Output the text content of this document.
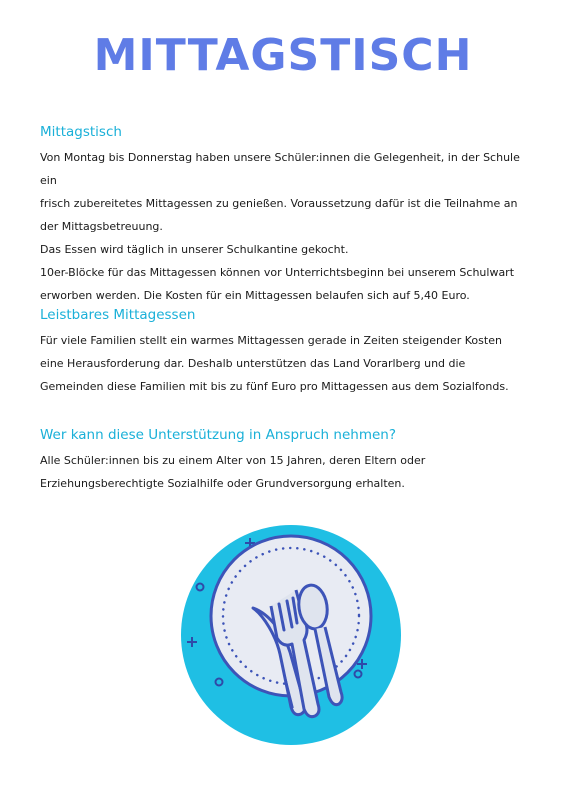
MITTAGSTISCH
Mittagstisch

Von Montag bis Donnerstag haben unsere Schüler:innen die Gelegenheit, in der Schule ein
frisch zubereitetes Mittagessen zu genießen. Voraussetzung dafür ist die Teilnahme an
der Mittagsbetreuung.
Das Essen wird täglich in unserer Schulkantine gekocht.
10er-Blöcke für das Mittagessen können vor Unterrichtsbeginn bei unserem Schulwart
erworben werden. Die Kosten für ein Mittagessen belaufen sich auf 5,40 Euro.

Leistbares Mittagessen

Für viele Familien stellt ein warmes Mittagessen gerade in Zeiten steigender Kosten
eine Herausforderung dar. Deshalb unterstützen das Land Vorarlberg und die
Gemeinden diese Familien mit bis zu fünf Euro pro Mittagessen aus dem Sozialfonds.

Wer kann diese Unterstützung in Anspruch nehmen?

Alle Schüler:innen bis zu einem Alter von 15 Jahren, deren Eltern oder
Erziehungsberechtigte Sozialhilfe oder Grundversorgung erhalten.
